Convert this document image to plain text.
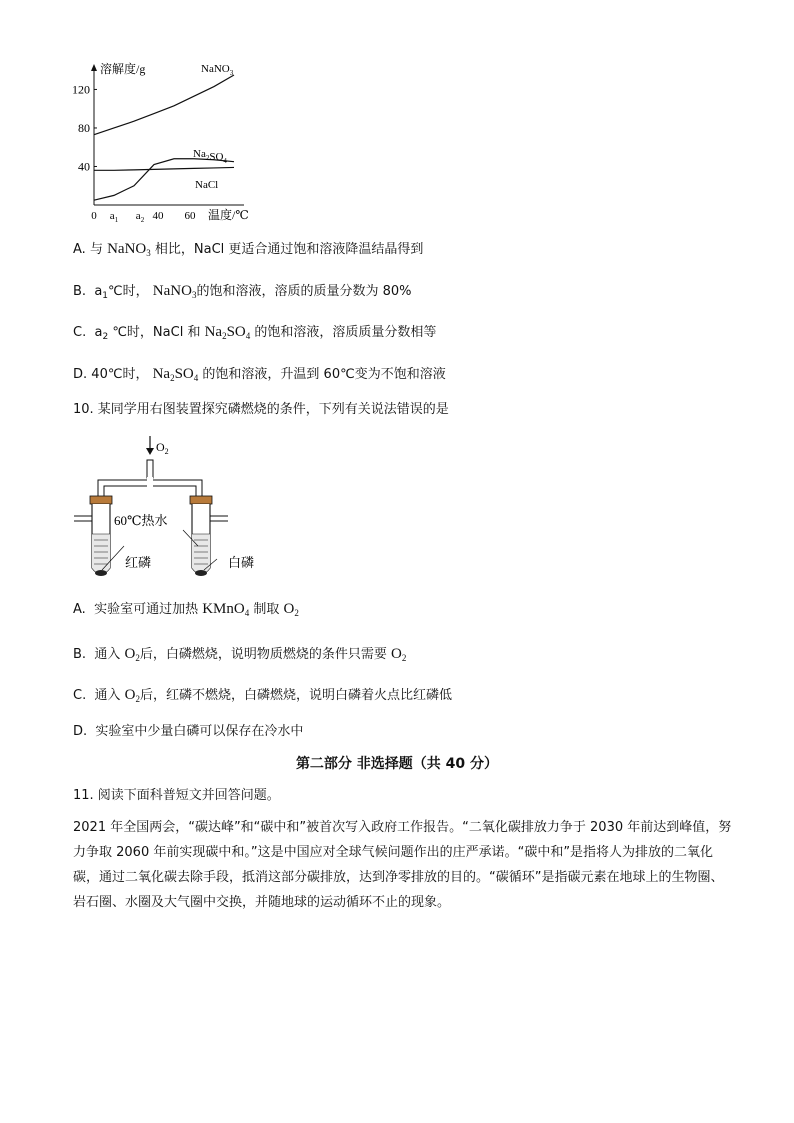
溶解度/g
40
80
120
0 $a_1$ $a_2$ 40 60 温度/℃
NaNO$_3$
$Na_2SO_4$
NaCl
A. 与 NaNO$_3$ 相比，NaCl 更适合通过饱和溶液降温结晶得到
B. $a_1℃$时， NaNO$_3$的饱和溶液，溶质的质量分数为 80%
C. $a_2$ ℃时，NaCl 和 $Na_2SO_4$ 的饱和溶液，溶质质量分数相等
D. 40℃时， $Na_2SO_4$ 的饱和溶液，升温到 60℃变为不饱和溶液
10. 某同学用右图装置探究磷燃烧的条件，下列有关说法错误的是
$O_2$
60℃热水
红磷	白磷
A. 实验室可通过加热 KMnO$_4$ 制取 $O_2$
B. 通入 $O_2$后，白磷燃烧，说明物质燃烧的条件只需要 $O_2$
C. 通入 $O_2$后，红磷不燃烧，白磷燃烧，说明白磷着火点比红磷低
D. 实验室中少量白磷可以保存在冷水中
第二部分 非选择题（共 40 分）
11. 阅读下面科普短文并回答问题。
2021 年全国两会，“碳达峰”和“碳中和”被首次写入政府工作报告。“二氧化碳排放力争于 2030 年前达到峰值，努力争取 2060 年前实现碳中和。”这是中国应对全球气候问题作出的庄严承诺。“碳中和”是指将人为排放的二氧化碳，通过二氧化碳去除手段，抵消这部分碳排放，达到净零排放的目的。“碳循环”是指碳元素在地球上的生物圈、岩石圈、水圈及大气圈中交换，并随地球的运动循环不止的现象。
